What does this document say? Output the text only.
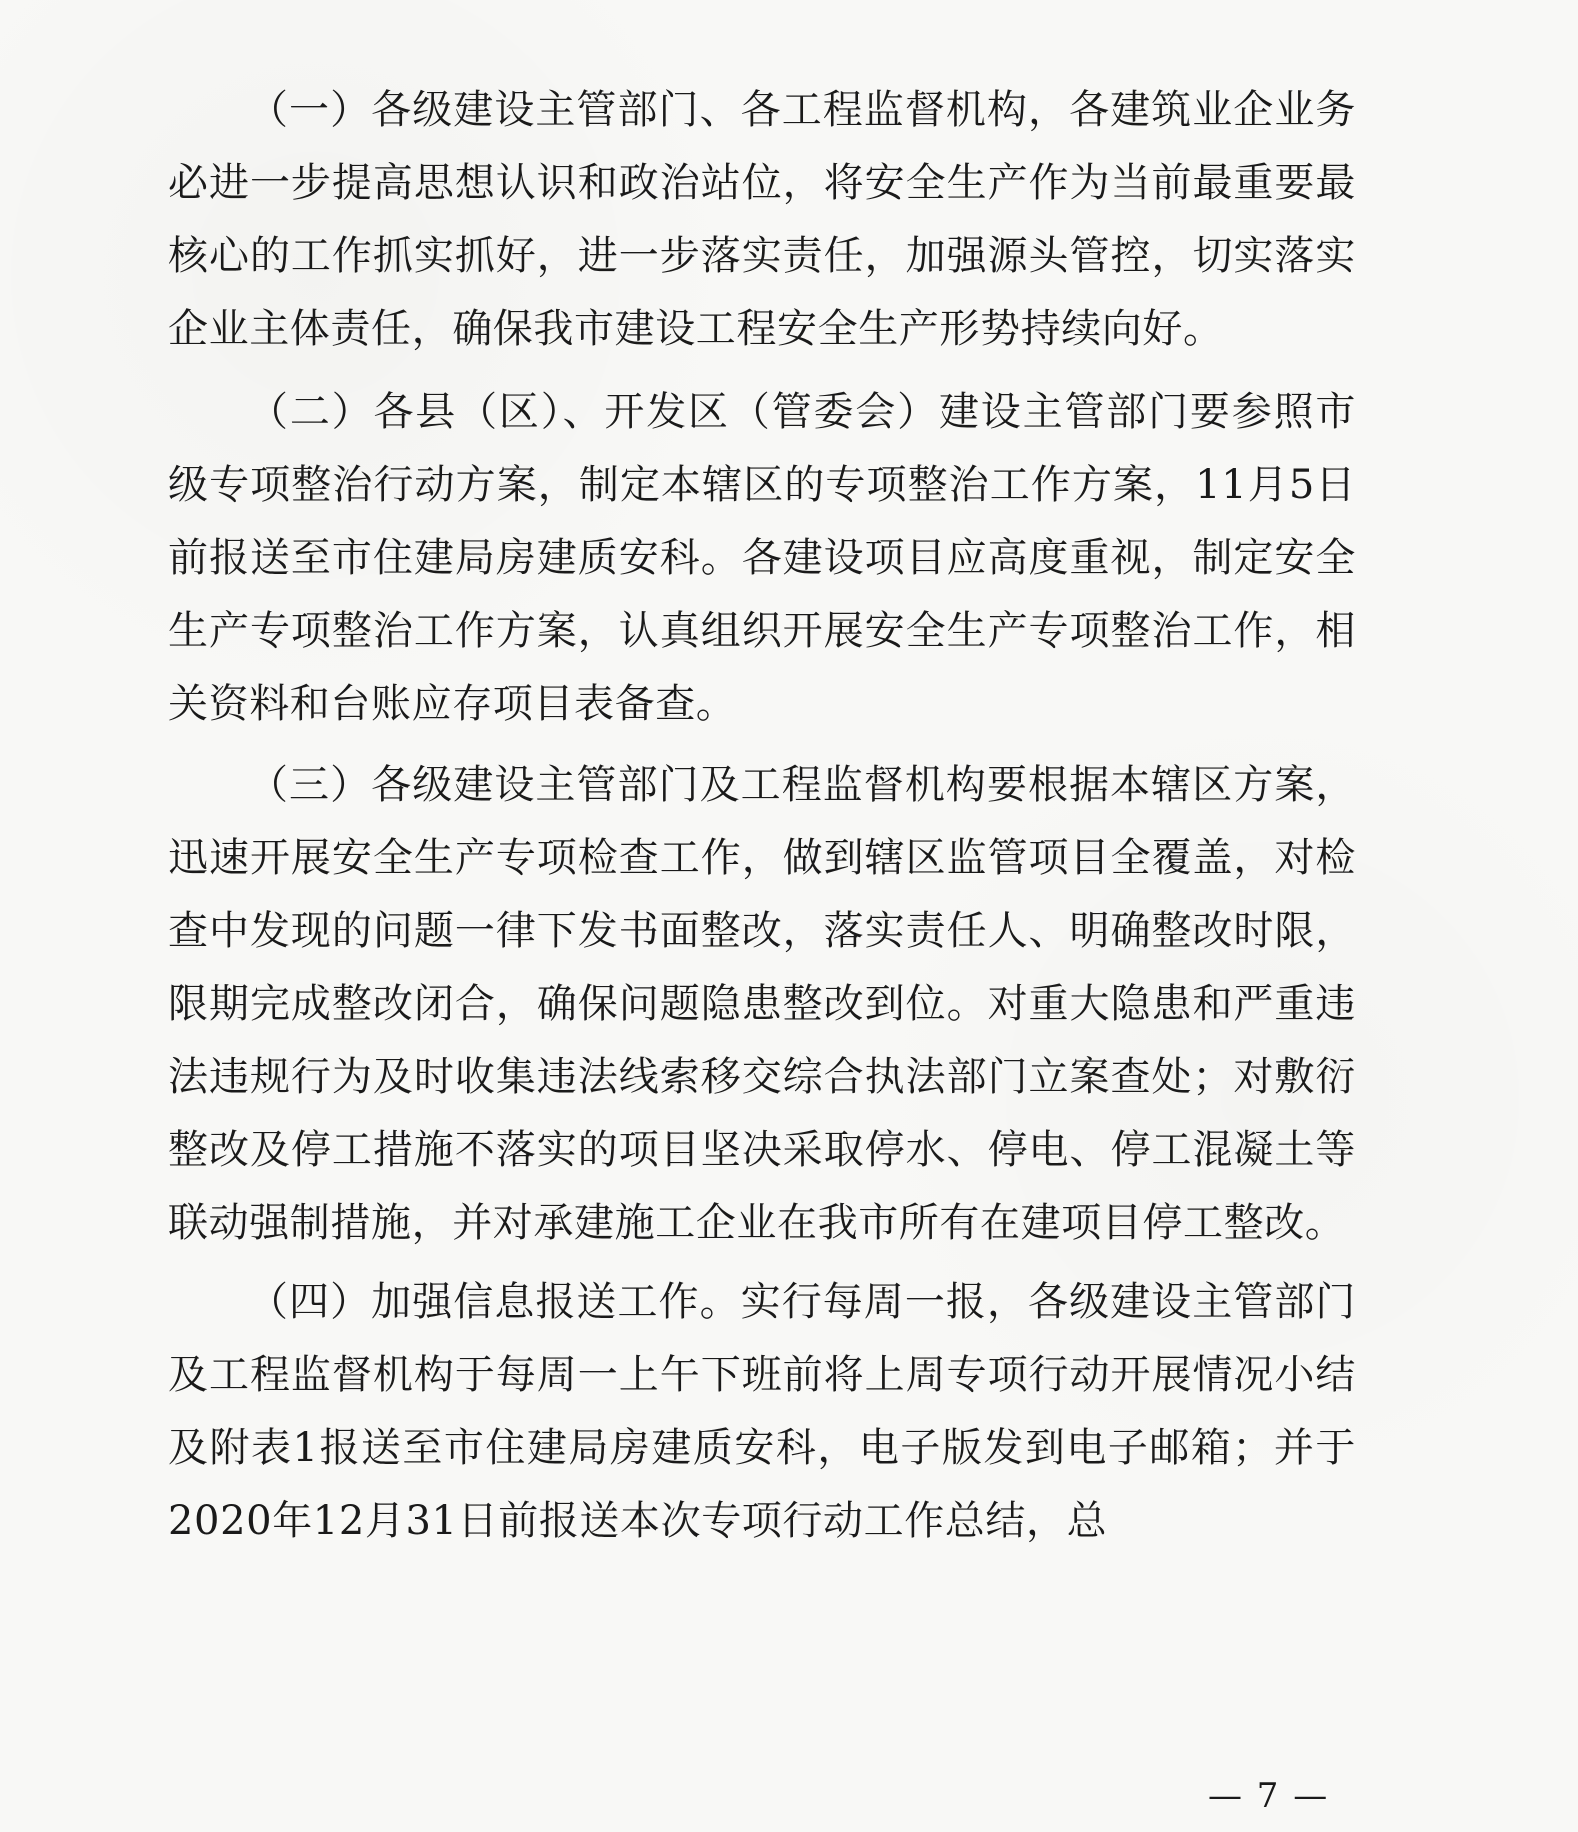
（一）各级建设主管部门、各工程监督机构，各建筑业企业务必进一步提高思想认识和政治站位，将安全生产作为当前最重要最核心的工作抓实抓好，进一步落实责任，加强源头管控，切实落实企业主体责任，确保我市建设工程安全生产形势持续向好。

（二）各县（区）、开发区（管委会）建设主管部门要参照市级专项整治行动方案，制定本辖区的专项整治工作方案，11月5日前报送至市住建局房建质安科。各建设项目应高度重视，制定安全生产专项整治工作方案，认真组织开展安全生产专项整治工作，相关资料和台账应存项目表备查。

（三）各级建设主管部门及工程监督机构要根据本辖区方案，迅速开展安全生产专项检查工作，做到辖区监管项目全覆盖，对检查中发现的问题一律下发书面整改，落实责任人、明确整改时限，限期完成整改闭合，确保问题隐患整改到位。对重大隐患和严重违法违规行为及时收集违法线索移交综合执法部门立案查处；对敷衍整改及停工措施不落实的项目坚决采取停水、停电、停工混凝土等联动强制措施，并对承建施工企业在我市所有在建项目停工整改。

（四）加强信息报送工作。实行每周一报，各级建设主管部门及工程监督机构于每周一上午下班前将上周专项行动开展情况小结及附表1报送至市住建局房建质安科，电子版发到电子邮箱；并于2020年12月31日前报送本次专项行动工作总结，总

— 7 —
